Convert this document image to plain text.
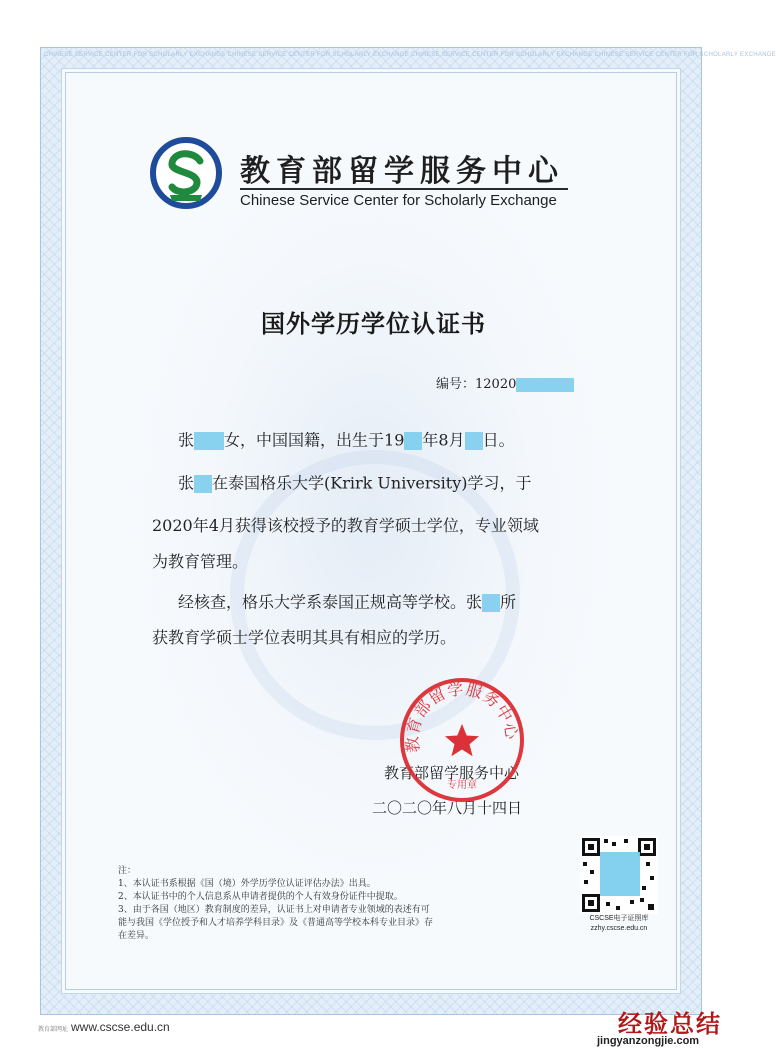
CHINESE SERVICE CENTER FOR SCHOLARLY EXCHANGE CHINESE SERVICE CENTER FOR SCHOLARLY EXCHANGE CHINESE SERVICE CENTER FOR SCHOLARLY EXCHANGE CHINESE SERVICE CENTER FOR SCHOLARLY EXCHANGE
教育部留学服务中心
Chinese Service Center for Scholarly Exchange
国外学历学位认证书
编号：12020
张 女，中国国籍，出生于19 年8月 日。
张 在泰国格乐大学(Krirk University)学习，于
2020年4月获得该校授予的教育学硕士学位，专业领域
为教育管理。
经核查，格乐大学系泰国正规高等学校。张 所
获教育学硕士学位表明其具有相应的学历。
教育部留学服务中心
二〇二〇年八月十四日
教育部留学服务中心
专用章
注：
1、本认证书系根据《国（境）外学历学位认证评估办法》出具。
2、本认证书中的个人信息系从申请者提供的个人有效身份证件中提取。
3、由于各国（地区）教育制度的差异，认证书上对申请者专业领域的表述有可
能与我国《学位授予和人才培养学科目录》及《普通高等学校本科专业目录》存
在差异。
CSCSE电子证照库
zzhy.cscse.edu.cn
教育部网址 www.cscse.edu.cn	经验总结
jingyanzongjie.com
